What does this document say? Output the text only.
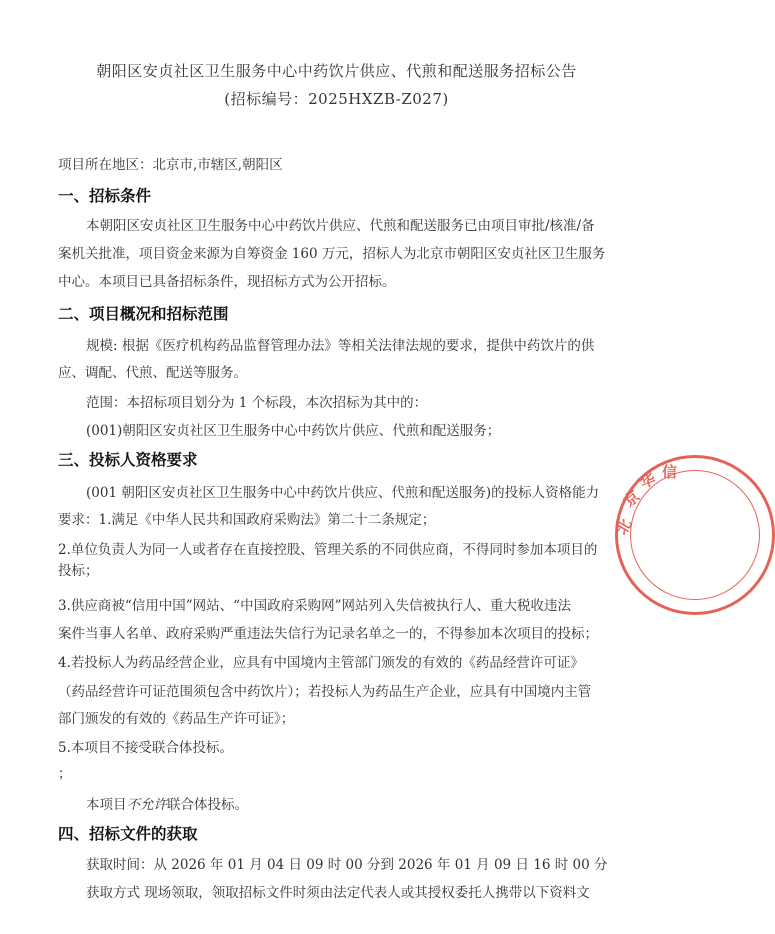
朝阳区安贞社区卫生服务中心中药饮片供应、代煎和配送服务招标公告
(招标编号：2025HXZB-Z027)
项目所在地区：北京市,市辖区,朝阳区
一、招标条件
本朝阳区安贞社区卫生服务中心中药饮片供应、代煎和配送服务已由项目审批/核准/备
案机关批准，项目资金来源为自筹资金 160 万元，招标人为北京市朝阳区安贞社区卫生服务
中心。本项目已具备招标条件，现招标方式为公开招标。
二、项目概况和招标范围
规模: 根据《医疗机构药品监督管理办法》等相关法律法规的要求，提供中药饮片的供
应、调配、代煎、配送等服务。
范围：本招标项目划分为 1 个标段，本次招标为其中的：
(001)朝阳区安贞社区卫生服务中心中药饮片供应、代煎和配送服务；
三、投标人资格要求
(001 朝阳区安贞社区卫生服务中心中药饮片供应、代煎和配送服务)的投标人资格能力
要求：1.满足《中华人民共和国政府采购法》第二十二条规定；
2.单位负责人为同一人或者存在直接控股、管理关系的不同供应商，不得同时参加本项目的
投标；
3.供应商被“信用中国”网站、“中国政府采购网”网站列入失信被执行人、重大税收违法
案件当事人名单、政府采购严重违法失信行为记录名单之一的，不得参加本次项目的投标；
4.若投标人为药品经营企业，应具有中国境内主管部门颁发的有效的《药品经营许可证》
（药品经营许可证范围须包含中药饮片）；若投标人为药品生产企业，应具有中国境内主管
部门颁发的有效的《药品生产许可证》；
5.本项目不接受联合体投标。
；
本项目不允许联合体投标。
四、招标文件的获取
获取时间：从 2026 年 01 月 04 日 09 时 00 分到 2026 年 01 月 09 日 16 时 00 分
获取方式 现场领取，领取招标文件时须由法定代表人或其授权委托人携带以下资料文
北
京
华 信
